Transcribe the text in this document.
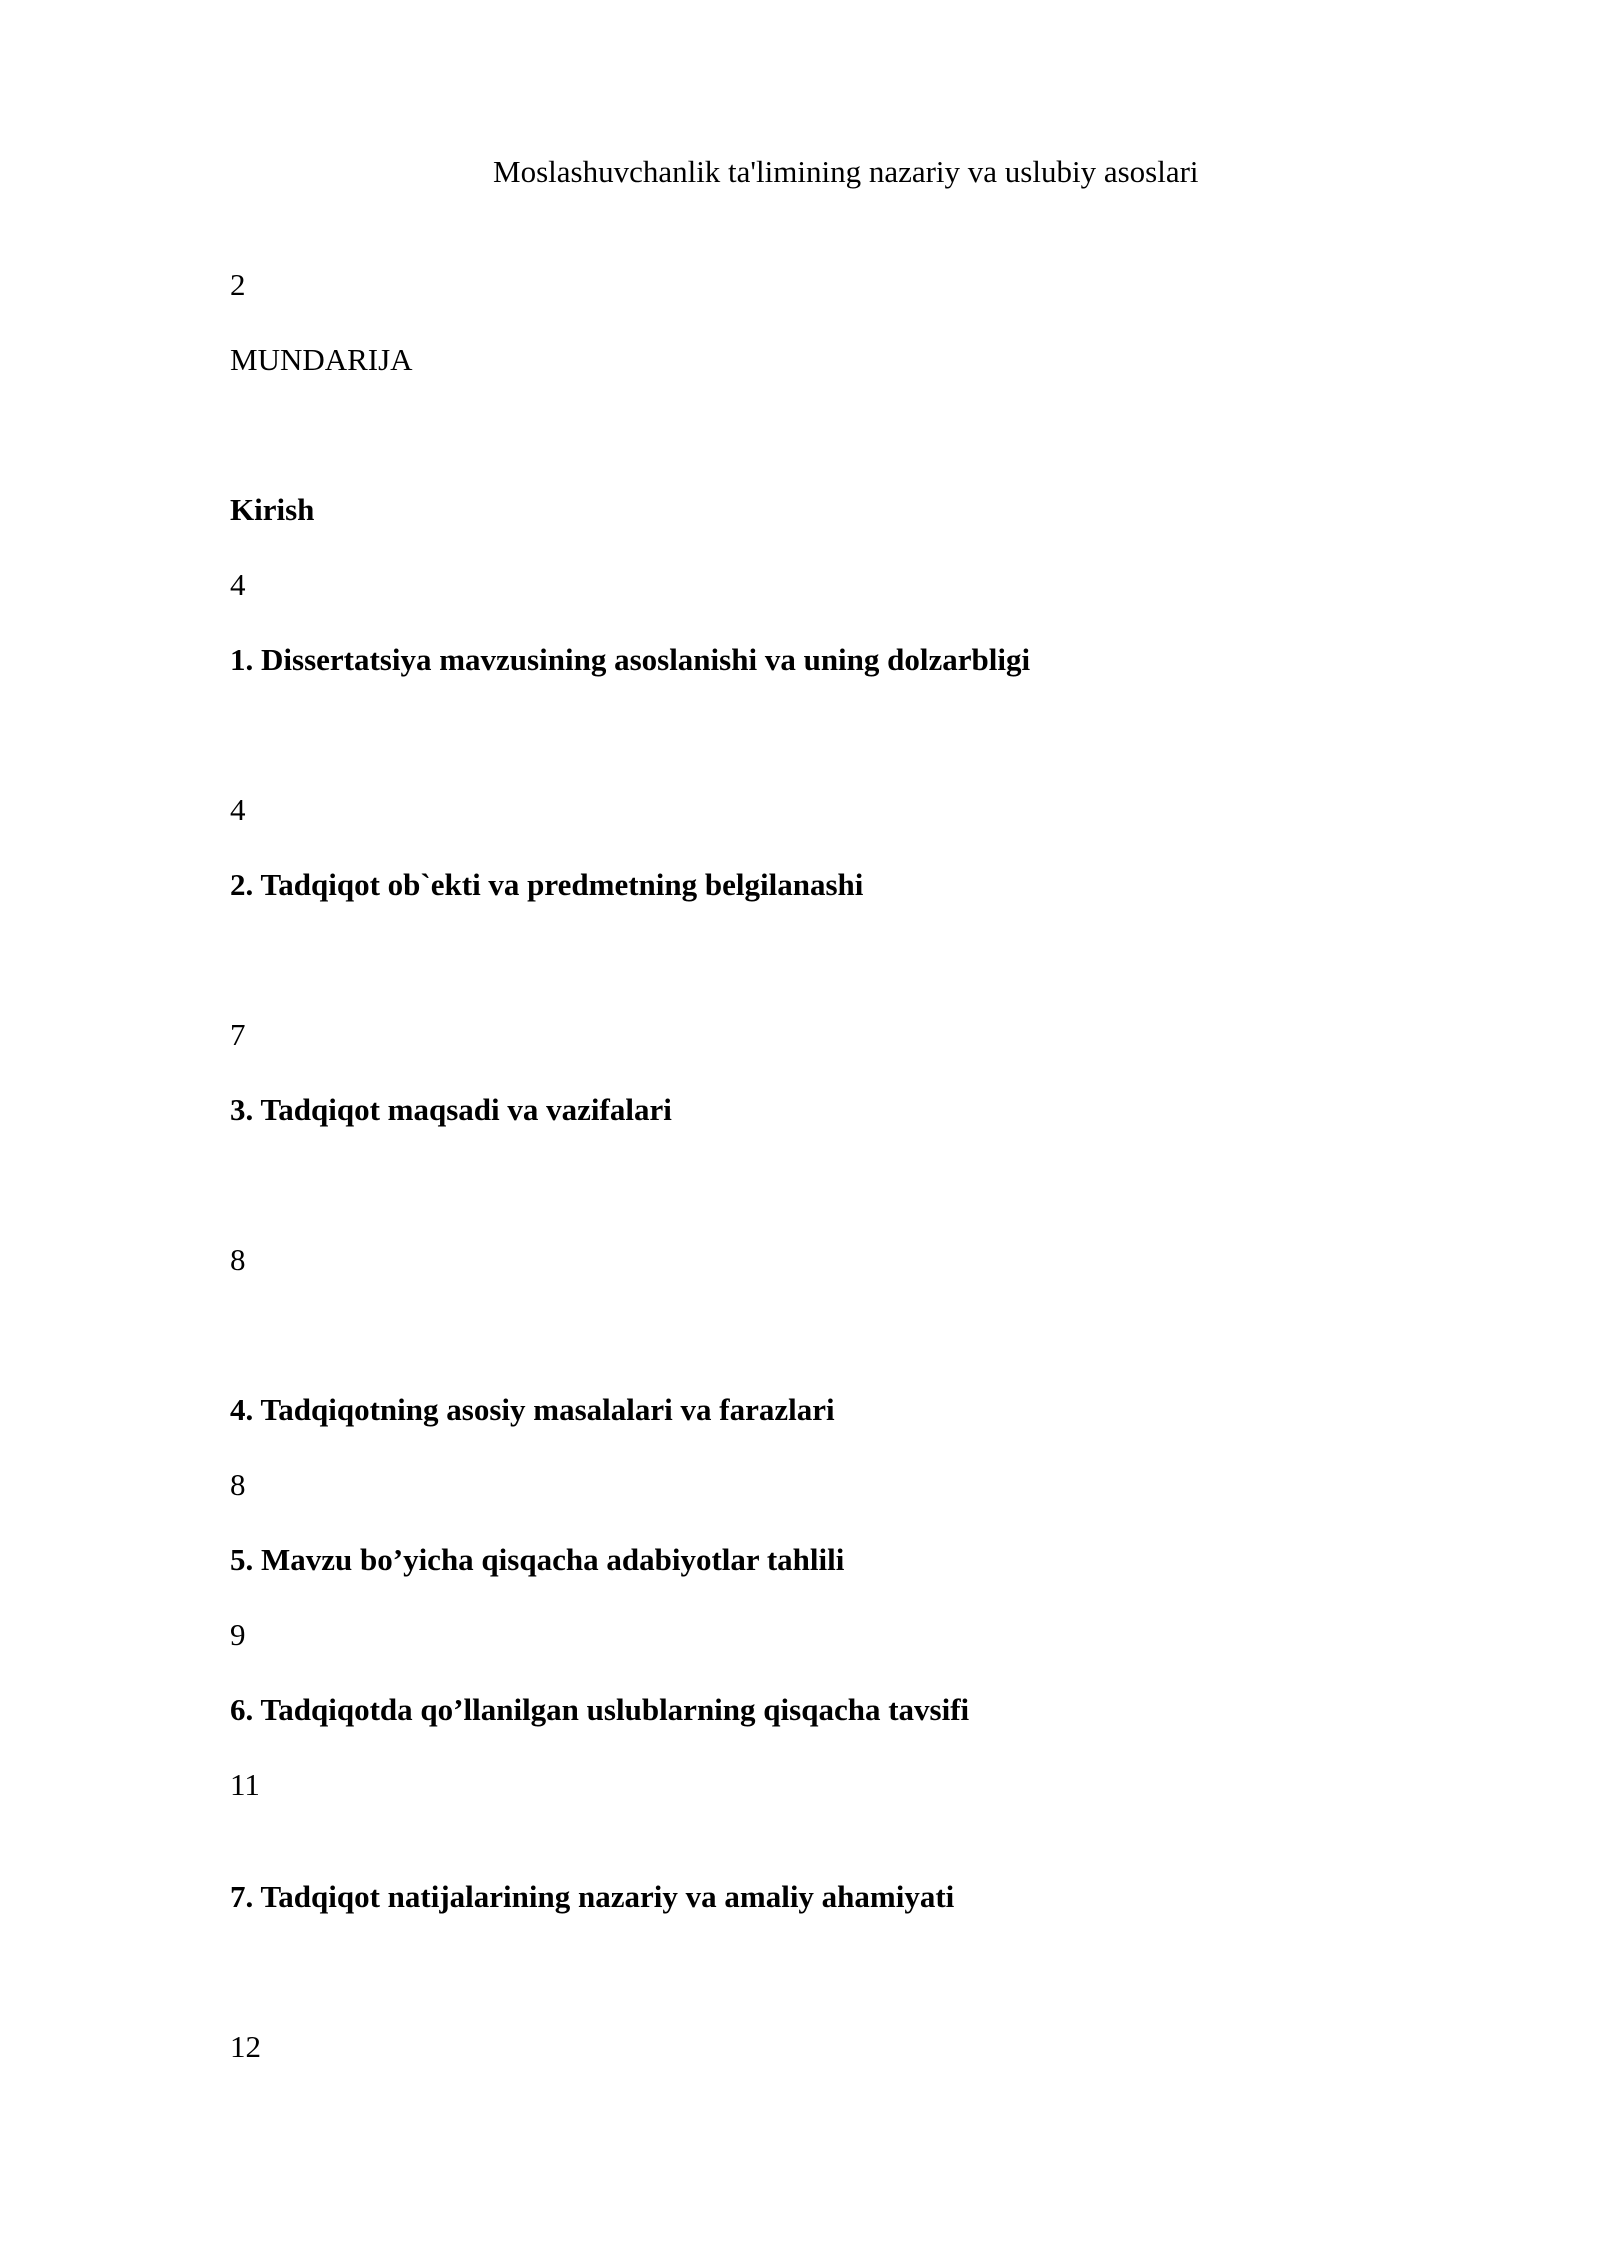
Moslashuvchanlik ta'limining nazariy va uslubiy asoslari
2
MUNDARIJA
Kirish
4
1. Dissertatsiya mavzusining asoslanishi va uning dolzarbligi
4
2. Tadqiqot ob`ekti va predmetning belgilanashi
7
3. Tadqiqot maqsadi va vazifalari
8
4. Tadqiqotning asosiy masalalari va farazlari
8
5. Mavzu bo’yicha qisqacha adabiyotlar tahlili
9
6. Tadqiqotda qo’llanilgan uslublarning qisqacha tavsifi
11
7. Tadqiqot natijalarining nazariy va amaliy ahamiyati
12
